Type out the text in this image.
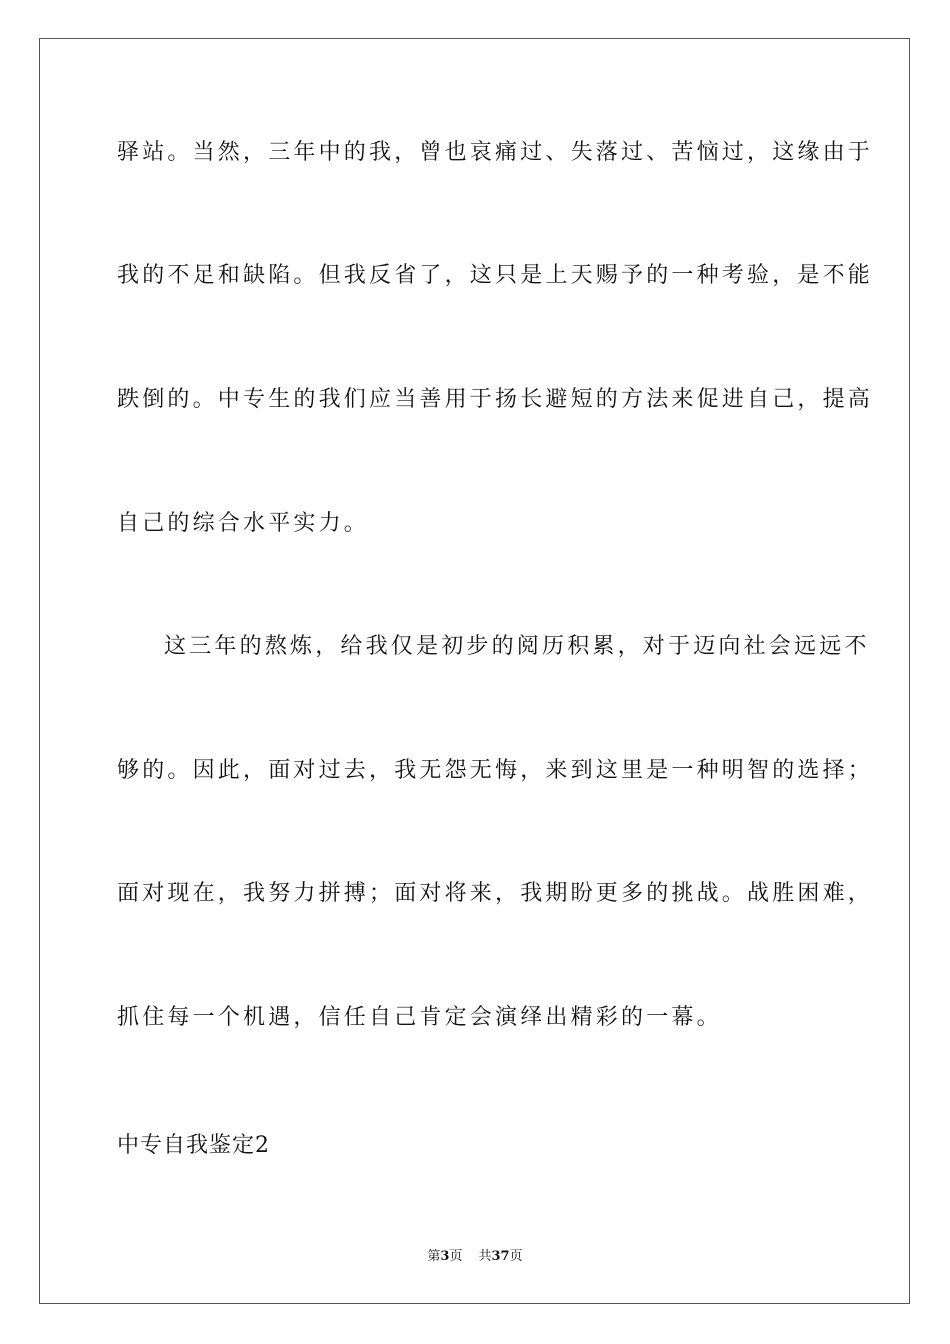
驿站。当然，三年中的我，曾也哀痛过、失落过、苦恼过，这缘由于
我的不足和缺陷。但我反省了，这只是上天赐予的一种考验，是不能
跌倒的。中专生的我们应当善用于扬长避短的方法来促进自己，提高
自己的综合水平实力。
这三年的熬炼，给我仅是初步的阅历积累，对于迈向社会远远不
够的。因此，面对过去，我无怨无悔，来到这里是一种明智的选择；
面对现在，我努力拼搏；面对将来，我期盼更多的挑战。战胜困难，
抓住每一个机遇，信任自己肯定会演绎出精彩的一幕。
中专自我鉴定2
第3页 共37页
